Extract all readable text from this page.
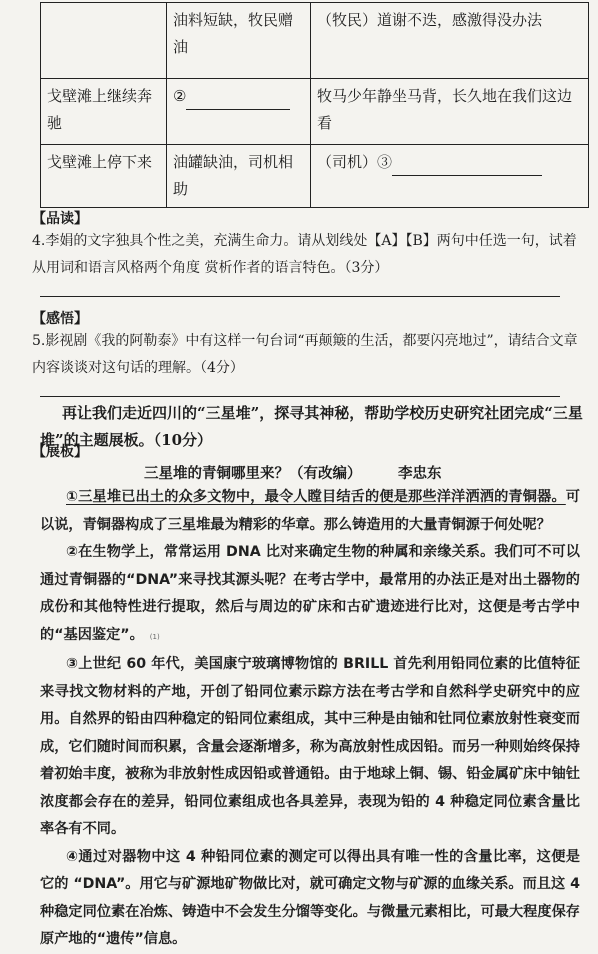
	油料短缺，牧民赠油	（牧民）道谢不迭，感激得没办法
戈壁滩上继续奔驰	②	牧马少年静坐马背，长久地在我们这边看
戈壁滩上停下来	油罐缺油，司机相助	（司机）③
【品读】
4.李娟的文字独具个性之美，充满生命力。请从划线处【A】【B】两句中任选一句，试着从用词和语言风格两个角度 赏析作者的语言特色。（3分）
【感悟】
5.影视剧《我的阿勒泰》中有这样一句台词“再颠簸的生活，都要闪亮地过”，请结合文章内容谈谈对这句话的理解。（4分）
再让我们走近四川的“三星堆”，探寻其神秘，帮助学校历史研究社团完成“三星堆”的主题展板。（10分）
【展板】
三星堆的青铜哪里来？（有改编）	李忠东

①三星堆已出土的众多文物中，最令人瞠目结舌的便是那些洋洋洒洒的青铜器。可以说，青铜器构成了三星堆最为精彩的华章。那么铸造用的大量青铜源于何处呢？

②在生物学上，常常运用 DNA 比对来确定生物的种属和亲缘关系。我们可不可以通过青铜器的“DNA”来寻找其源头呢？在考古学中，最常用的办法正是对出土器物的成份和其他特性进行提取，然后与周边的矿床和古矿遗迹进行比对，这便是考古学中的“基因鉴定”。 (1)

③上世纪 60 年代，美国康宁玻璃博物馆的 BRILL 首先利用铅同位素的比值特征来寻找文物材料的产地，开创了铅同位素示踪方法在考古学和自然科学史研究中的应用。自然界的铅由四种稳定的铅同位素组成，其中三种是由铀和钍同位素放射性衰变而成，它们随时间而积累，含量会逐渐增多，称为高放射性成因铅。而另一种则始终保持着初始丰度，被称为非放射性成因铅或普通铅。由于地球上铜、锡、铅金属矿床中铀钍浓度都会存在的差异，铅同位素组成也各具差异，表现为铅的 4 种稳定同位素含量比率各有不同。

④通过对器物中这 4 种铅同位素的测定可以得出具有唯一性的含量比率，这便是它的 “DNA”。用它与矿源地矿物做比对，就可确定文物与矿源的血缘关系。而且这 4 种稳定同位素在冶炼、铸造中不会发生分馏等变化。与微量元素相比，可最大程度保存原产地的“遗传”信息。
